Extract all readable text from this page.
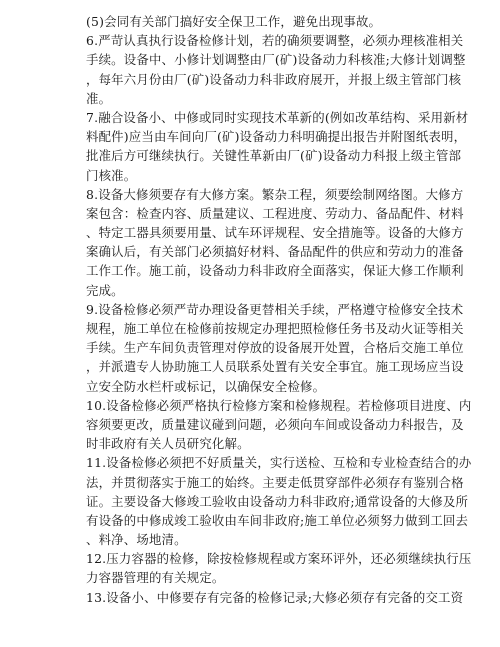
(5)会同有关部门搞好安全保卫工作，避免出现事故。
6.严苛认真执行设备检修计划，若的确须要调整，必须办理核准相关
手续。设备中、小修计划调整由厂(矿)设备动力科核准;大修计划调整
，每年六月份由厂(矿)设备动力科非政府展开，并报上级主管部门核
准。
7.融合设备小、中修或同时实现技术革新的(例如改革结构、采用新材
料配件)应当由车间向厂(矿)设备动力科明确提出报告并附图纸表明，
批准后方可继续执行。关键性革新由厂(矿)设备动力科报上级主管部
门核准。
8.设备大修须要存有大修方案。繁杂工程，须要绘制网络图。大修方
案包含：检查内容、质量建议、工程进度、劳动力、备品配件、材料
、特定工器具须要用量、试车环评规程、安全措施等。设备的大修方
案确认后，有关部门必须搞好材料、备品配件的供应和劳动力的准备
工作工作。施工前，设备动力科非政府全面落实，保证大修工作顺利
完成。
9.设备检修必须严苛办理设备更替相关手续，严格遵守检修安全技术
规程，施工单位在检修前按规定办理把照检修任务书及动火证等相关
手续。生产车间负责管理对停放的设备展开处置，合格后交施工单位
，并派遣专人协助施工人员联系处置有关安全事宜。施工现场应当设
立安全防水栏杆或标记，以确保安全检修。
10.设备检修必须严格执行检修方案和检修规程。若检修项目进度、内
容须要更改，质量建议碰到问题，必须向车间或设备动力科报告，及
时非政府有关人员研究化解。
11.设备检修必须把不好质量关，实行送检、互检和专业检查结合的办
法，并贯彻落实于施工的始终。主要走低贯穿部件必须存有鉴别合格
证。主要设备大修竣工验收由设备动力科非政府;通常设备的大修及所
有设备的中修成竣工验收由车间非政府;施工单位必须努力做到工回去
、料净、场地清。
12.压力容器的检修，除按检修规程或方案环评外，还必须继续执行压
力容器管理的有关规定。
13.设备小、中修要存有完备的检修记录;大修必须存有完备的交工资
